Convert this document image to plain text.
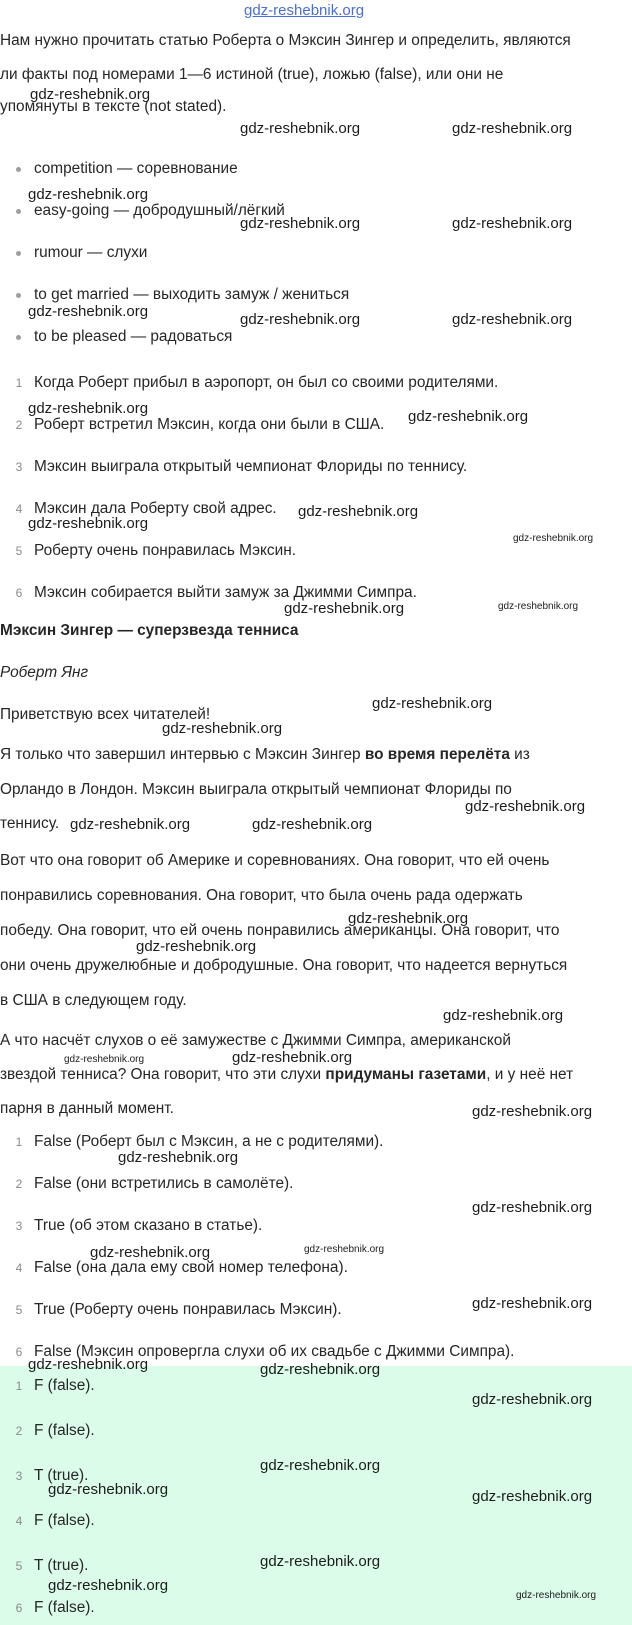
gdz-reshebnik.org
Нам нужно прочитать статью Роберта о Мэксин Зингер и определить, являются
ли факты под номерами 1—6 истиной (true), ложью (false), или они не
упомянуты в тексте (not stated).
competition — соревнование
easy-going — добродушный/лёгкий
rumour — слухи
to get married — выходить замуж / жениться
to be pleased — радоваться
1 Когда Роберт прибыл в аэропорт, он был со своими родителями.
2 Роберт встретил Мэксин, когда они были в США.
3 Мэксин выиграла открытый чемпионат Флориды по теннису.
4 Мэксин дала Роберту свой адрес.
5 Роберту очень понравилась Мэксин.
6 Мэксин собирается выйти замуж за Джимми Симпра.
Мэксин Зингер — суперзвезда тенниса
Роберт Янг
Приветствую всех читателей!
Я только что завершил интервью с Мэксин Зингер во время перелёта из
Орландо в Лондон. Мэксин выиграла открытый чемпионат Флориды по
теннису.
Вот что она говорит об Америке и соревнованиях. Она говорит, что ей очень
понравились соревнования. Она говорит, что была очень рада одержать
победу. Она говорит, что ей очень понравились американцы. Она говорит, что
они очень дружелюбные и добродушные. Она говорит, что надеется вернуться
в США в следующем году.
А что насчёт слухов о её замужестве с Джимми Симпра, американской
звездой тенниса? Она говорит, что эти слухи придуманы газетами, и у неё нет
парня в данный момент.
1 False (Роберт был с Мэксин, а не с родителями).
2 False (они встретились в самолёте).
3 True (об этом сказано в статье).
4 False (она дала ему свой номер телефона).
5 True (Роберту очень понравилась Мэксин).
6 False (Мэксин опровергла слухи об их свадьбе с Джимми Симпра).
1 F (false).
2 F (false).
3 T (true).
4 F (false).
5 T (true).
6 F (false).
gdz-reshebnik.org
gdz-reshebnik.org	gdz-reshebnik.org
gdz-reshebnik.org
gdz-reshebnik.org	gdz-reshebnik.org
gdz-reshebnik.org	gdz-reshebnik.org	gdz-reshebnik.org
gdz-reshebnik.org	gdz-reshebnik.org
gdz-reshebnik.org
gdz-reshebnik.org
gdz-reshebnik.org
gdz-reshebnik.org	gdz-reshebnik.org
gdz-reshebnik.org
gdz-reshebnik.org
gdz-reshebnik.org
gdz-reshebnik.org
gdz-reshebnik.org
gdz-reshebnik.org
gdz-reshebnik.org
gdz-reshebnik.org
gdz-reshebnik.org	gdz-reshebnik.org
gdz-reshebnik.org
gdz-reshebnik.org
gdz-reshebnik.org
gdz-reshebnik.org	gdz-reshebnik.org
gdz-reshebnik.org
gdz-reshebnik.org	gdz-reshebnik.org
gdz-reshebnik.org
gdz-reshebnik.org
gdz-reshebnik.org	gdz-reshebnik.org
gdz-reshebnik.org
gdz-reshebnik.org
gdz-reshebnik.org
